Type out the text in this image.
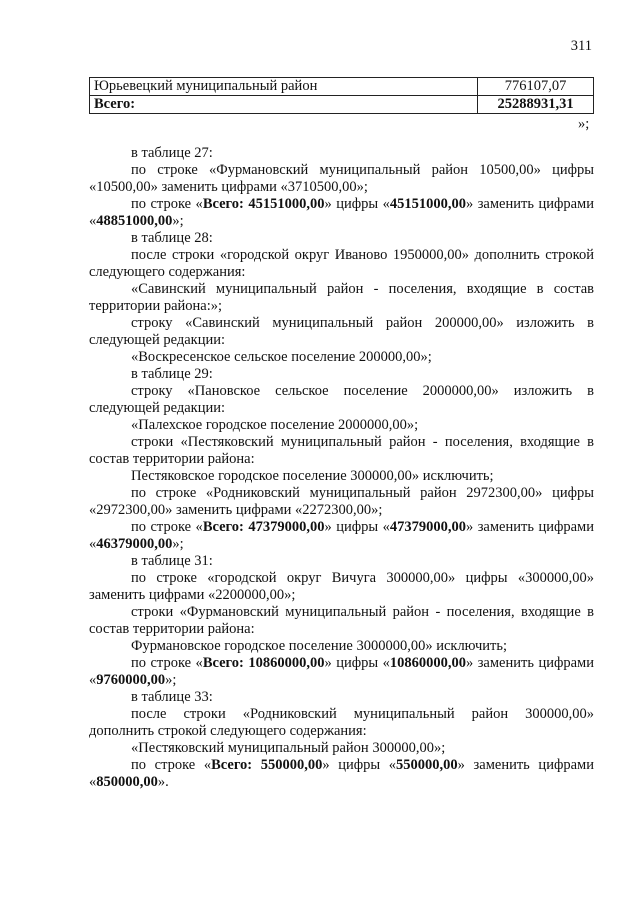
311
Юрьевецкий муниципальный район	776107,07
Всего:	25288931,31
»;

в таблице 27:

по строке «Фурмановский муниципальный район 10500,00» цифры «10500,00» заменить цифрами «3710500,00»;

по строке «Всего: 45151000,00» цифры «45151000,00» заменить цифрами «48851000,00»;

в таблице 28:

после строки «городской округ Иваново 1950000,00» дополнить строкой следующего содержания:

«Савинский муниципальный район - поселения, входящие в состав территории района:»;

строку «Савинский муниципальный район 200000,00» изложить в следующей редакции:

«Воскресенское сельское поселение 200000,00»;

в таблице 29:

строку «Пановское сельское поселение 2000000,00» изложить в следующей редакции:

«Палехское городское поселение 2000000,00»;

строки «Пестяковский муниципальный район - поселения, входящие в состав территории района:

Пестяковское городское поселение 300000,00» исключить;

по строке «Родниковский муниципальный район 2972300,00» цифры «2972300,00» заменить цифрами «2272300,00»;

по строке «Всего: 47379000,00» цифры «47379000,00» заменить цифрами «46379000,00»;

в таблице 31:

по строке «городской округ Вичуга 300000,00» цифры «300000,00» заменить цифрами «2200000,00»;

строки «Фурмановский муниципальный район - поселения, входящие в состав территории района:

Фурмановское городское поселение 3000000,00» исключить;

по строке «Всего: 10860000,00» цифры «10860000,00» заменить цифрами «9760000,00»;

в таблице 33:

после строки «Родниковский муниципальный район 300000,00» дополнить строкой следующего содержания:

«Пестяковский муниципальный район 300000,00»;

по строке «Всего: 550000,00» цифры «550000,00» заменить цифрами «850000,00».
